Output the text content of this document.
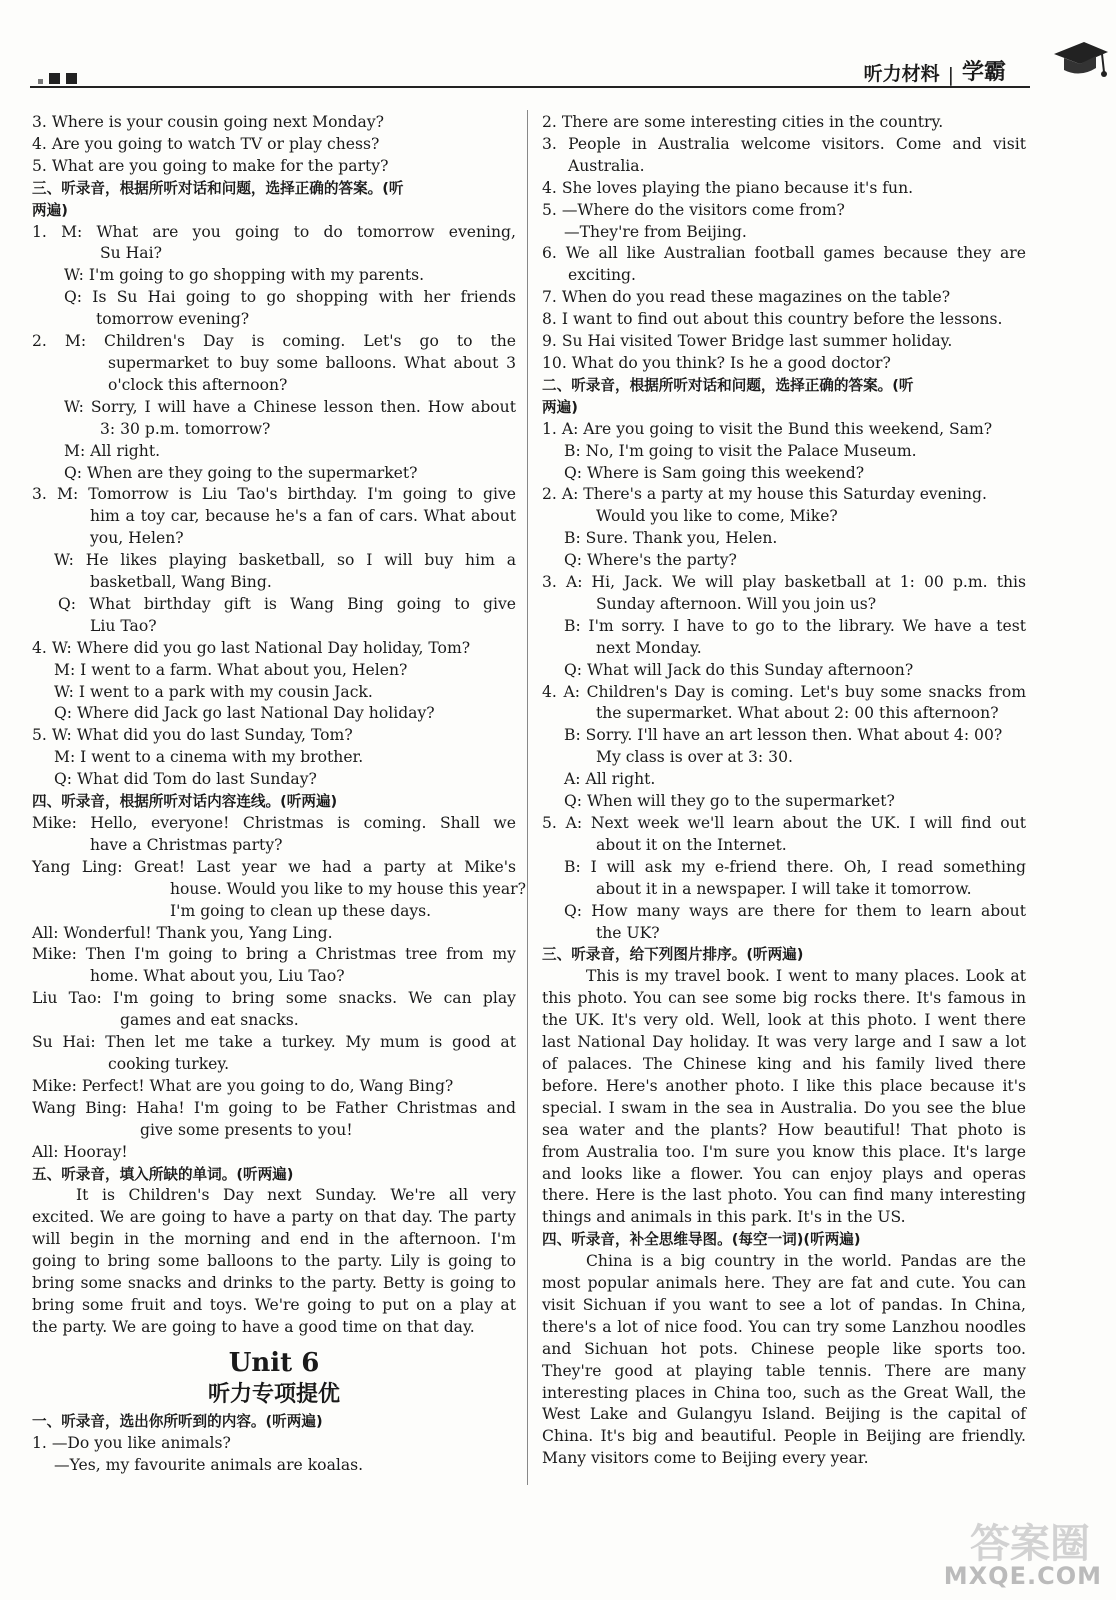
听力材料 | 学霸
3. Where is your cousin going next Monday?
4. Are you going to watch TV or play chess?
5. What are you going to make for the party?
三、听录音，根据所听对话和问题，选择正确的答案。(听
两遍)
1. M: What are you going to do tomorrow evening,
Su Hai?
W: I'm going to go shopping with my parents.
Q: Is Su Hai going to go shopping with her friends
tomorrow evening?
2. M: Children's Day is coming. Let's go to the
supermarket to buy some balloons. What about 3
o'clock this afternoon?
W: Sorry, I will have a Chinese lesson then. How about
3: 30 p.m. tomorrow?
M: All right.
Q: When are they going to the supermarket?
3. M: Tomorrow is Liu Tao's birthday. I'm going to give
him a toy car, because he's a fan of cars. What about
you, Helen?
W: He likes playing basketball, so I will buy him a
basketball, Wang Bing.
Q: What birthday gift is Wang Bing going to give
Liu Tao?
4. W: Where did you go last National Day holiday, Tom?
M: I went to a farm. What about you, Helen?
W: I went to a park with my cousin Jack.
Q: Where did Jack go last National Day holiday?
5. W: What did you do last Sunday, Tom?
M: I went to a cinema with my brother.
Q: What did Tom do last Sunday?
四、听录音，根据所听对话内容连线。(听两遍)
Mike: Hello, everyone! Christmas is coming. Shall we
have a Christmas party?
Yang Ling: Great! Last year we had a party at Mike's
house. Would you like to my house this year?
I'm going to clean up these days.
All: Wonderful! Thank you, Yang Ling.
Mike: Then I'm going to bring a Christmas tree from my
home. What about you, Liu Tao?
Liu Tao: I'm going to bring some snacks. We can play
games and eat snacks.
Su Hai: Then let me take a turkey. My mum is good at
cooking turkey.
Mike: Perfect! What are you going to do, Wang Bing?
Wang Bing: Haha! I'm going to be Father Christmas and
give some presents to you!
All: Hooray!
五、听录音，填入所缺的单词。(听两遍)
It is Children's Day next Sunday. We're all very
excited. We are going to have a party on that day. The party
will begin in the morning and end in the afternoon. I'm
going to bring some balloons to the party. Lily is going to
bring some snacks and drinks to the party. Betty is going to
bring some fruit and toys. We're going to put on a play at
the party. We are going to have a good time on that day.
Unit 6
听力专项提优
一、听录音，选出你所听到的内容。(听两遍)
1. —Do you like animals?
—Yes, my favourite animals are koalas.
2. There are some interesting cities in the country.
3. People in Australia welcome visitors. Come and visit
Australia.
4. She loves playing the piano because it's fun.
5. —Where do the visitors come from?
—They're from Beijing.
6. We all like Australian football games because they are
exciting.
7. When do you read these magazines on the table?
8. I want to find out about this country before the lessons.
9. Su Hai visited Tower Bridge last summer holiday.
10. What do you think? Is he a good doctor?
二、听录音，根据所听对话和问题，选择正确的答案。(听
两遍)
1. A: Are you going to visit the Bund this weekend, Sam?
B: No, I'm going to visit the Palace Museum.
Q: Where is Sam going this weekend?
2. A: There's a party at my house this Saturday evening.
Would you like to come, Mike?
B: Sure. Thank you, Helen.
Q: Where's the party?
3. A: Hi, Jack. We will play basketball at 1: 00 p.m. this
Sunday afternoon. Will you join us?
B: I'm sorry. I have to go to the library. We have a test
next Monday.
Q: What will Jack do this Sunday afternoon?
4. A: Children's Day is coming. Let's buy some snacks from
the supermarket. What about 2: 00 this afternoon?
B: Sorry. I'll have an art lesson then. What about 4: 00?
My class is over at 3: 30.
A: All right.
Q: When will they go to the supermarket?
5. A: Next week we'll learn about the UK. I will find out
about it on the Internet.
B: I will ask my e-friend there. Oh, I read something
about it in a newspaper. I will take it tomorrow.
Q: How many ways are there for them to learn about
the UK?
三、听录音，给下列图片排序。(听两遍)
This is my travel book. I went to many places. Look at
this photo. You can see some big rocks there. It's famous in
the UK. It's very old. Well, look at this photo. I went there
last National Day holiday. It was very large and I saw a lot
of palaces. The Chinese king and his family lived there
before. Here's another photo. I like this place because it's
special. I swam in the sea in Australia. Do you see the blue
sea water and the plants? How beautiful! That photo is
from Australia too. I'm sure you know this place. It's large
and looks like a flower. You can enjoy plays and operas
there. Here is the last photo. You can find many interesting
things and animals in this park. It's in the US.
四、听录音，补全思维导图。(每空一词)(听两遍)
China is a big country in the world. Pandas are the
most popular animals here. They are fat and cute. You can
visit Sichuan if you want to see a lot of pandas. In China,
there's a lot of nice food. You can try some Lanzhou noodles
and Sichuan hot pots. Chinese people like sports too.
They're good at playing table tennis. There are many
interesting places in China too, such as the Great Wall, the
West Lake and Gulangyu Island. Beijing is the capital of
China. It's big and beautiful. People in Beijing are friendly.
Many visitors come to Beijing every year.
答案圈
MXQE.COM
